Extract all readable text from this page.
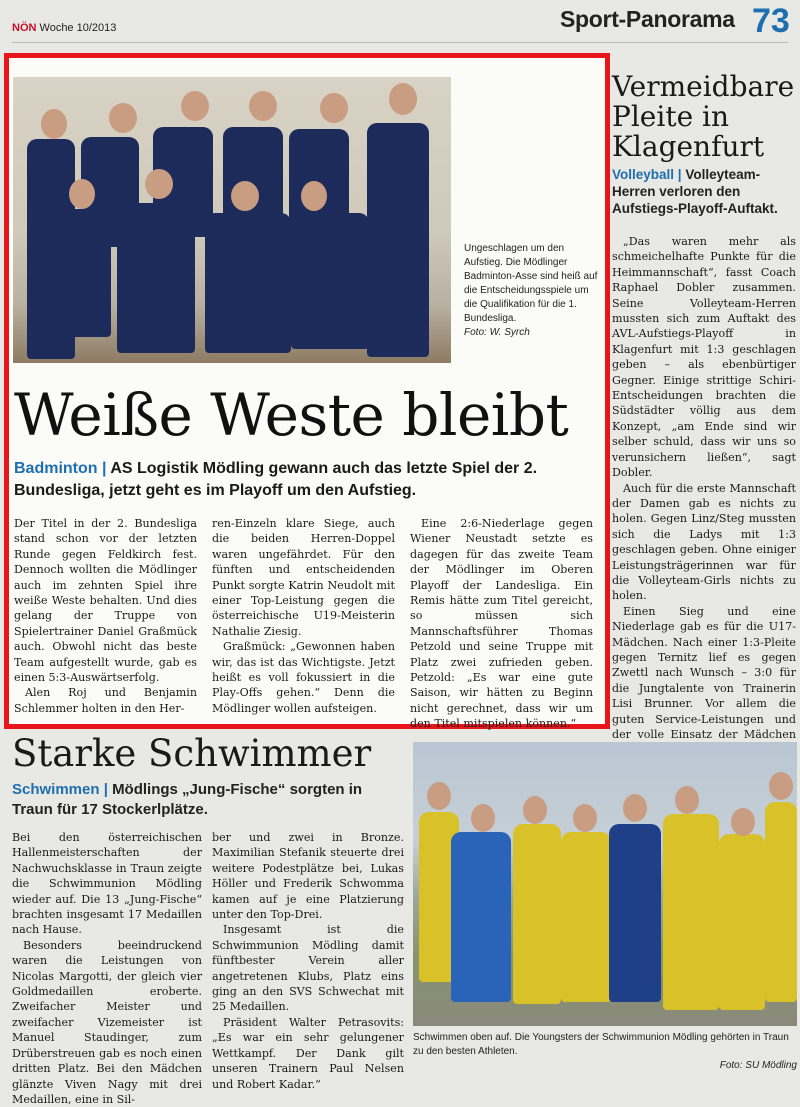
NÖN Woche 10/2013	Sport-Panorama 73
Ungeschlagen um den Aufstieg. Die Mödlinger Badminton-Asse sind heiß auf die Entscheidungsspiele um die Qualifikation für die 1. Bundesliga.
Foto: W. Syrch
Weiße Weste bleibt
Badminton | AS Logistik Mödling gewann auch das letzte Spiel der 2. Bundesliga, jetzt geht es im Playoff um den Aufstieg.

Der Titel in der 2. Bundesliga stand schon vor der letzten Runde gegen Feldkirch fest. Dennoch wollten die Mödlinger auch im zehnten Spiel ihre weiße Weste behalten. Und dies gelang der Truppe von Spielertrainer Daniel Graßmück auch. Obwohl nicht das beste Team aufgestellt wurde, gab es einen 5:3-Auswärtserfolg.

Alen Roj und Benjamin Schlemmer holten in den Her-

ren-Einzeln klare Siege, auch die beiden Herren-Doppel waren ungefährdet. Für den fünften und entscheidenden Punkt sorgte Katrin Neudolt mit einer Top-Leistung gegen die österreichische U19-Meisterin Nathalie Ziesig.

Graßmück: „Gewonnen haben wir, das ist das Wichtigste. Jetzt heißt es voll fokussiert in die Play-Offs gehen.“ Denn die Mödlinger wollen aufsteigen.

Eine 2:6-Niederlage gegen Wiener Neustadt setzte es dagegen für das zweite Team der Mödlinger im Oberen Playoff der Landesliga. Ein Remis hätte zum Titel gereicht, so müssen sich Mannschaftsführer Thomas Petzold und seine Truppe mit Platz zwei zufrieden geben. Petzold: „Es war eine gute Saison, wir hätten zu Beginn nicht gerechnet, dass wir um den Titel mitspielen können.“

Vermeidbare Pleite in Klagenfurt
Volleyball | Volleyteam-Herren verloren den Aufstiegs-Playoff-Auftakt.

„Das waren mehr als schmeichelhafte Punkte für die Heimmannschaft“, fasst Coach Raphael Dobler zusammen. Seine Volleyteam-Herren mussten sich zum Auftakt des AVL-Aufstiegs-Playoff in Klagenfurt mit 1:3 geschlagen geben – als ebenbürtiger Gegner. Einige strittige Schiri-Entscheidungen brachten die Südstädter völlig aus dem Konzept, „am Ende sind wir selber schuld, dass wir uns so verunsichern ließen“, sagt Dobler.

Auch für die erste Mannschaft der Damen gab es nichts zu holen. Gegen Linz/Steg mussten sich die Ladys mit 1:3 geschlagen geben. Ohne einiger Leistungsträgerinnen war für die Volleyteam-Girls nichts zu holen.

Einen Sieg und eine Niederlage gab es für die U17-Mädchen. Nach einer 1:3-Pleite gegen Ternitz lief es gegen Zwettl nach Wunsch – 3:0 für die Jungtalente von Trainerin Lisi Brunner. Vor allem die guten Service-Leistungen und der volle Einsatz der Mädchen

Starke Schwimmer
Schwimmen | Mödlings „Jung-Fische“ sorgten in Traun für 17 Stockerlplätze.

Bei den österreichischen Hallenmeisterschaften der Nachwuchsklasse in Traun zeigte die Schwimmunion Mödling wieder auf. Die 13 „Jung-Fische“ brachten insgesamt 17 Medaillen nach Hause.

Besonders beeindruckend waren die Leistungen von Nicolas Margotti, der gleich vier Goldmedaillen eroberte. Zweifacher Meister und zweifacher Vizemeister ist Manuel Staudinger, zum Drüberstreuen gab es noch einen dritten Platz. Bei den Mädchen glänzte Viven Nagy mit drei Medaillen, eine in Sil-

ber und zwei in Bronze. Maximilian Stefanik steuerte drei weitere Podestplätze bei, Lukas Höller und Frederik Schwomma kamen auf je eine Platzierung unter den Top-Drei.

Insgesamt ist die Schwimmunion Mödling damit fünftbester Verein aller angetretenen Klubs, Platz eins ging an den SVS Schwechat mit 25 Medaillen.

Präsident Walter Petrasovits: „Es war ein sehr gelungener Wettkampf. Der Dank gilt unseren Trainern Paul Nelsen und Robert Kadar.“

Schwimmen oben auf. Die Youngsters der Schwimmunion Mödling gehörten in Traun zu den besten Athleten.
Foto: SU Mödling
